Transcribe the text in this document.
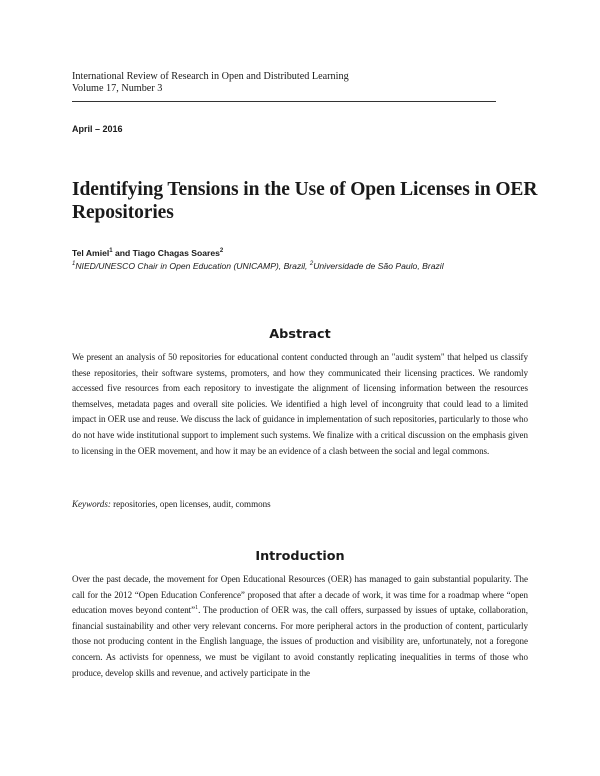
International Review of Research in Open and Distributed Learning
Volume 17, Number 3
April – 2016
Identifying Tensions in the Use of Open Licenses in OER Repositories
Tel Amiel$^1$ and Tiago Chagas Soares$^2$
$^1$NIED/UNESCO Chair in Open Education (UNICAMP), Brazil, $^2$Universidade de São Paulo, Brazil
Abstract

We present an analysis of 50 repositories for educational content conducted through an "audit system" that helped us classify these repositories, their software systems, promoters, and how they communicated their licensing practices. We randomly accessed five resources from each repository to investigate the alignment of licensing information between the resources themselves, metadata pages and overall site policies. We identified a high level of incongruity that could lead to a limited impact in OER use and reuse. We discuss the lack of guidance in implementation of such repositories, particularly to those who do not have wide institutional support to implement such systems. We finalize with a critical discussion on the emphasis given to licensing in the OER movement, and how it may be an evidence of a clash between the social and legal commons.

Keywords: repositories, open licenses, audit, commons
Introduction

Over the past decade, the movement for Open Educational Resources (OER) has managed to gain substantial popularity. The call for the 2012 “Open Education Conference” proposed that after a decade of work, it was time for a roadmap where “open education moves beyond content”$^1$. The production of OER was, the call offers, surpassed by issues of uptake, collaboration, financial sustainability and other very relevant concerns. For more peripheral actors in the production of content, particularly those not producing content in the English language, the issues of production and visibility are, unfortunately, not a foregone concern. As activists for openness, we must be vigilant to avoid constantly replicating inequalities in terms of those who produce, develop skills and revenue, and actively participate in the
